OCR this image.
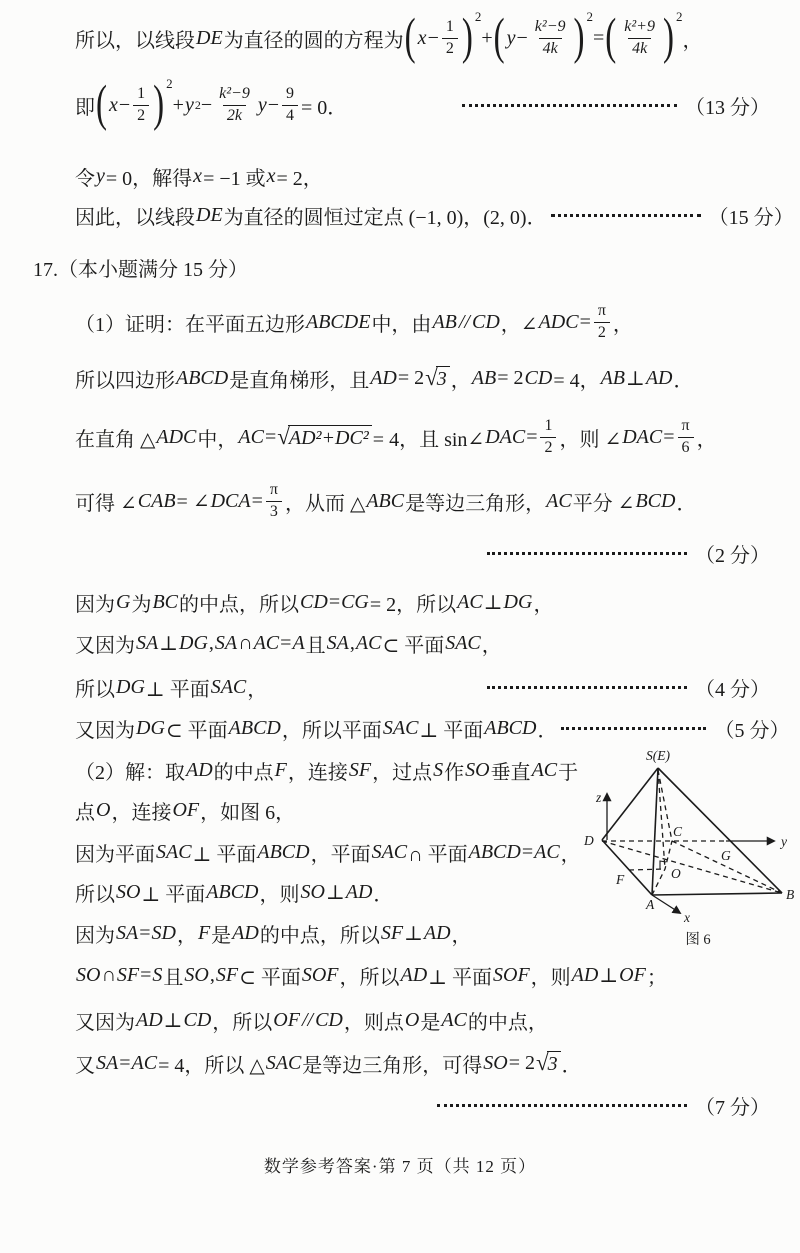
所以，以线段 DE 为直径的圆的方程为 ( $x - \frac{1}{2}$ ) 2
+ ( $y - \frac{\text{k²−9}}{4k}$ ) 2
= ( $\frac{\text{k²+9}}{4k}$ ) 2
，
即 ( $x - \frac{1}{2}$ ) 2
+ y $2 - \frac{\text{k²−9}}{2k}$ $y - \frac{9}{4} = 0$．	（13 分）
令 y = 0，解得 x = −1 或 x = 2，
因此，以线段 DE 为直径的圆恒过定点 (−1, 0)，(2, 0)．	（15 分）
17.（本小题满分 15 分）
（1）证明：在平面五边形 ABCDE 中，由 AB // CD ，∠ ADC = $\frac{\pi}{2}$ ，
所以四边形 ABCD 是直角梯形，且 AD = 2 √ 3 ， AB = 2 CD = 4， AB ⊥ AD ．
在直角 △ ADC 中， AC = √ AD²+DC² = 4，且 sin∠ DAC = $\frac{1}{2}$ ，则 ∠ DAC = $\frac{\pi}{6}$ ，
可得 ∠ CAB = ∠ DCA = $\frac{\pi}{3}$ ，从而 △ ABC 是等边三角形， AC 平分 ∠ BCD ．
（2 分）
因为 G 为 BC 的中点，所以 CD = CG = 2，所以 AC ⊥ DG ，
又因为 SA ⊥ DG , SA ∩ AC = A 且 SA , AC ⊂ 平面 SAC ，
所以 DG ⊥ 平面 SAC ，	（4 分）
又因为 DG ⊂ 平面 ABCD ，所以平面 SAC ⊥ 平面 ABCD ．	（5 分）
（2）解：取 AD 的中点 F ，连接 SF ，过点 S 作 SO 垂直 AC 于
点 O ，连接 OF ，如图 6，
因为平面 SAC ⊥ 平面 ABCD ，平面 SAC ∩ 平面 ABCD = AC ，
所以 SO ⊥ 平面 ABCD ，则 SO ⊥ AD ．
因为 SA = SD ， F 是 AD 的中点，所以 SF ⊥ AD ，
SO ∩ SF = S 且 SO , SF ⊂ 平面 SOF ，所以 AD ⊥ 平面 SOF ，则 AD ⊥ OF ；
又因为 AD ⊥ CD ，所以 OF // CD ，则点 O 是 AC 的中点，
又 SA = AC = 4，所以 △ SAC 是等边三角形，可得 SO = 2 √ 3 ．
（7 分）
S(E)
z
y
x
D
C
G
O
F
A
B
图 6
数学参考答案·第 7 页（共 12 页）
